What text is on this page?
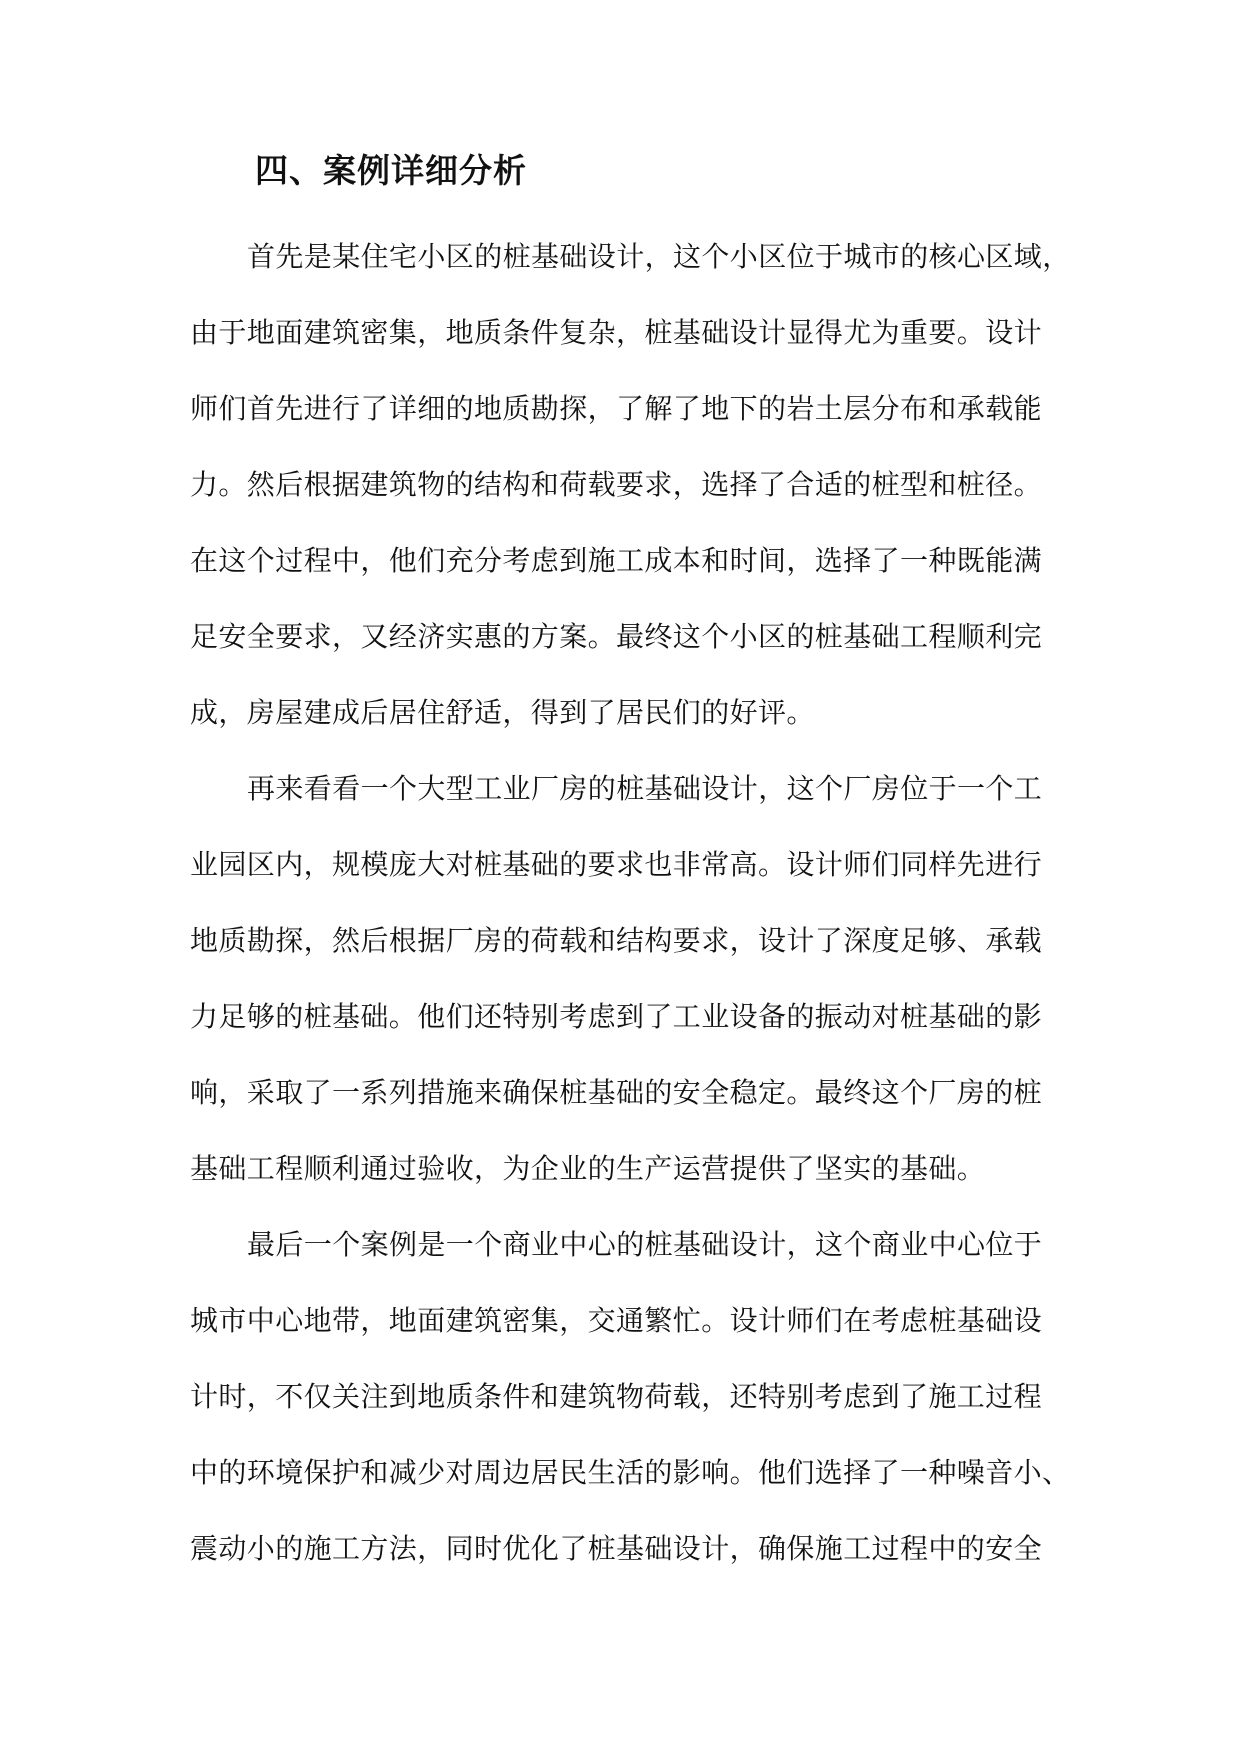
四、案例详细分析
首先是某住宅小区的桩基础设计，这个小区位于城市的核心区域，
由于地面建筑密集，地质条件复杂，桩基础设计显得尤为重要。设计
师们首先进行了详细的地质勘探，了解了地下的岩土层分布和承载能
力。然后根据建筑物的结构和荷载要求，选择了合适的桩型和桩径。
在这个过程中，他们充分考虑到施工成本和时间，选择了一种既能满
足安全要求，又经济实惠的方案。最终这个小区的桩基础工程顺利完
成，房屋建成后居住舒适，得到了居民们的好评。
再来看看一个大型工业厂房的桩基础设计，这个厂房位于一个工
业园区内，规模庞大对桩基础的要求也非常高。设计师们同样先进行
地质勘探，然后根据厂房的荷载和结构要求，设计了深度足够、承载
力足够的桩基础。他们还特别考虑到了工业设备的振动对桩基础的影
响，采取了一系列措施来确保桩基础的安全稳定。最终这个厂房的桩
基础工程顺利通过验收，为企业的生产运营提供了坚实的基础。
最后一个案例是一个商业中心的桩基础设计，这个商业中心位于
城市中心地带，地面建筑密集，交通繁忙。设计师们在考虑桩基础设
计时，不仅关注到地质条件和建筑物荷载，还特别考虑到了施工过程
中的环境保护和减少对周边居民生活的影响。他们选择了一种噪音小、
震动小的施工方法，同时优化了桩基础设计，确保施工过程中的安全
